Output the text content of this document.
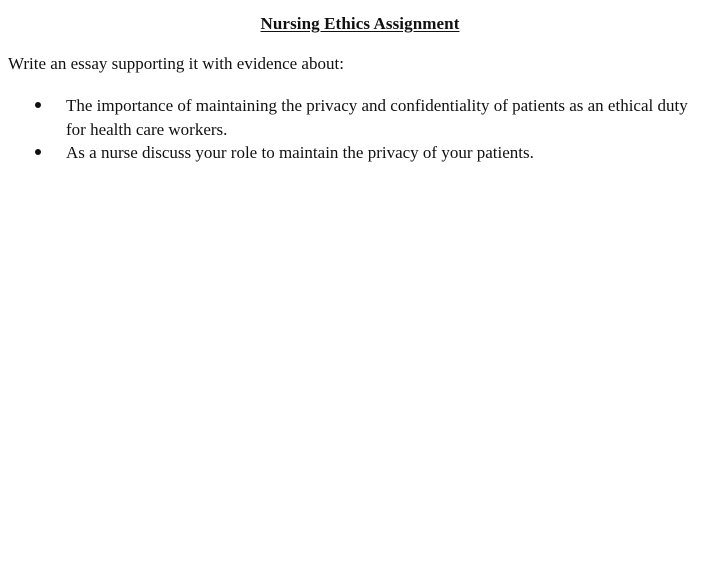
Nursing Ethics Assignment
Write an essay supporting it with evidence about:
The importance of maintaining the privacy and confidentiality of patients as an ethical duty for health care workers.
As a nurse discuss your role to maintain the privacy of your patients.
